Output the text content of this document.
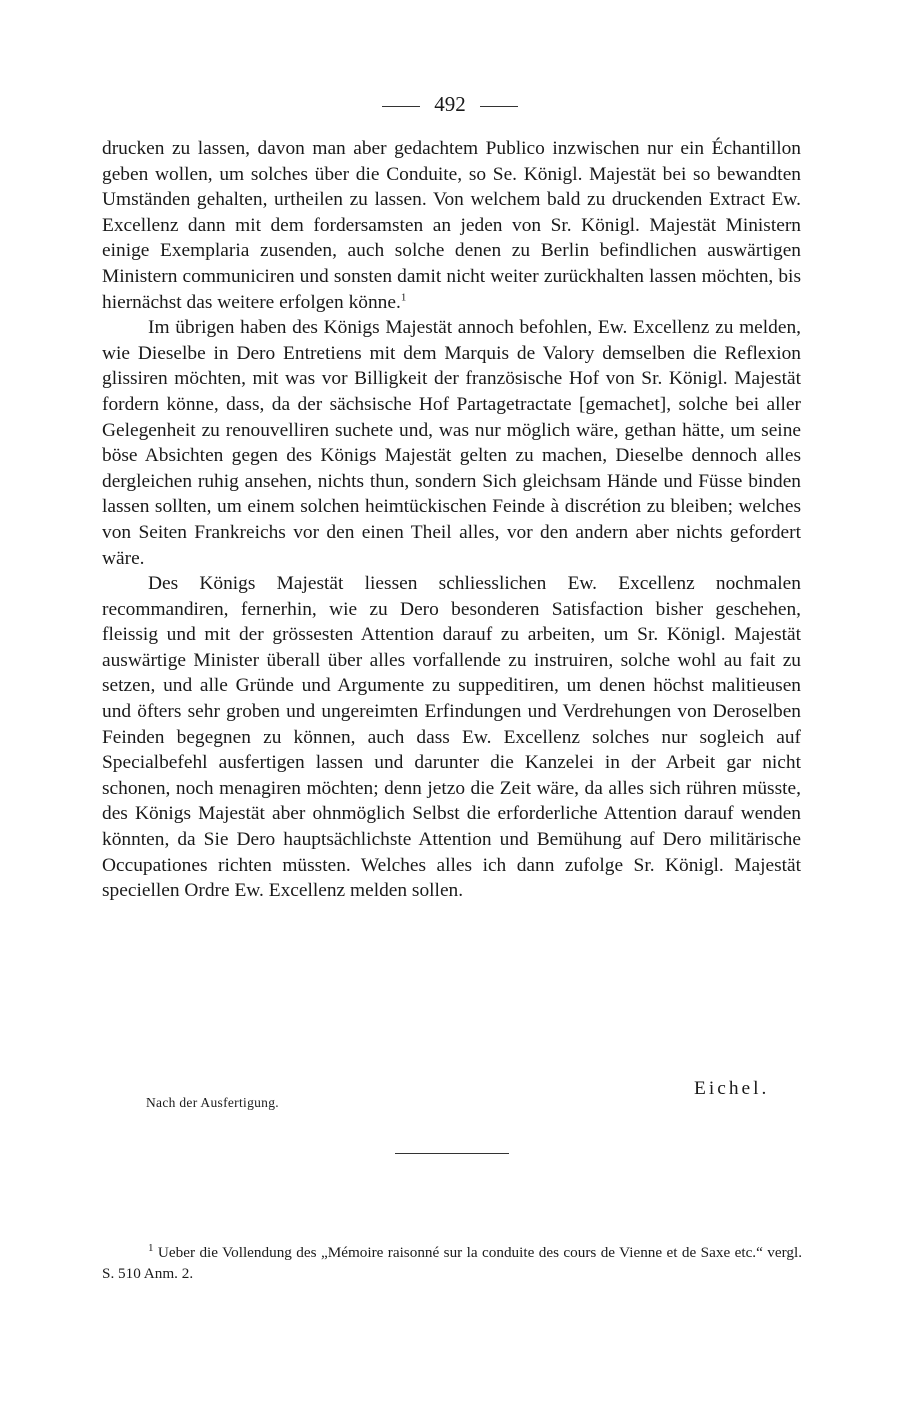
492

drucken zu lassen, davon man aber gedachtem Publico inzwischen nur ein Échantillon geben wollen, um solches über die Conduite, so Se. Königl. Majestät bei so bewandten Umständen gehalten, urtheilen zu lassen. Von welchem bald zu druckenden Extract Ew. Excellenz dann mit dem fordersamsten an jeden von Sr. Königl. Majestät Ministern einige Exemplaria zusenden, auch solche denen zu Berlin befindlichen auswärtigen Ministern communiciren und sonsten damit nicht weiter zurückhalten lassen möchten, bis hiernächst das weitere erfolgen könne.$^1$

Im übrigen haben des Königs Majestät annoch befohlen, Ew. Excellenz zu melden, wie Dieselbe in Dero Entretiens mit dem Marquis de Valory demselben die Reflexion glissiren möchten, mit was vor Billigkeit der französische Hof von Sr. Königl. Majestät fordern könne, dass, da der sächsische Hof Partagetractate [gemachet], solche bei aller Gelegenheit zu renouvelliren suchete und, was nur möglich wäre, gethan hätte, um seine böse Absichten gegen des Königs Majestät gelten zu machen, Dieselbe dennoch alles dergleichen ruhig ansehen, nichts thun, sondern Sich gleichsam Hände und Füsse binden lassen sollten, um einem solchen heimtückischen Feinde à discrétion zu bleiben; welches von Seiten Frankreichs vor den einen Theil alles, vor den andern aber nichts gefordert wäre.

Des Königs Majestät liessen schliesslichen Ew. Excellenz nochmalen recommandiren, fernerhin, wie zu Dero besonderen Satisfaction bisher geschehen, fleissig und mit der grössesten Attention darauf zu arbeiten, um Sr. Königl. Majestät auswärtige Minister überall über alles vorfallende zu instruiren, solche wohl au fait zu setzen, und alle Gründe und Argumente zu suppeditiren, um denen höchst malitieusen und öfters sehr groben und ungereimten Erfindungen und Verdrehungen von Deroselben Feinden begegnen zu können, auch dass Ew. Excellenz solches nur sogleich auf Specialbefehl ausfertigen lassen und darunter die Kanzelei in der Arbeit gar nicht schonen, noch menagiren möchten; denn jetzo die Zeit wäre, da alles sich rühren müsste, des Königs Majestät aber ohnmöglich Selbst die erforderliche Attention darauf wenden könnten, da Sie Dero hauptsächlichste Attention und Bemühung auf Dero militärische Occupationes richten müssten. Welches alles ich dann zufolge Sr. Königl. Majestät speciellen Ordre Ew. Excellenz melden sollen.

Eichel.
Nach der Ausfertigung.
$^1$ Ueber die Vollendung des „Mémoire raisonné sur la conduite des cours de Vienne et de Saxe etc.“ vergl. S. 510 Anm. 2.
